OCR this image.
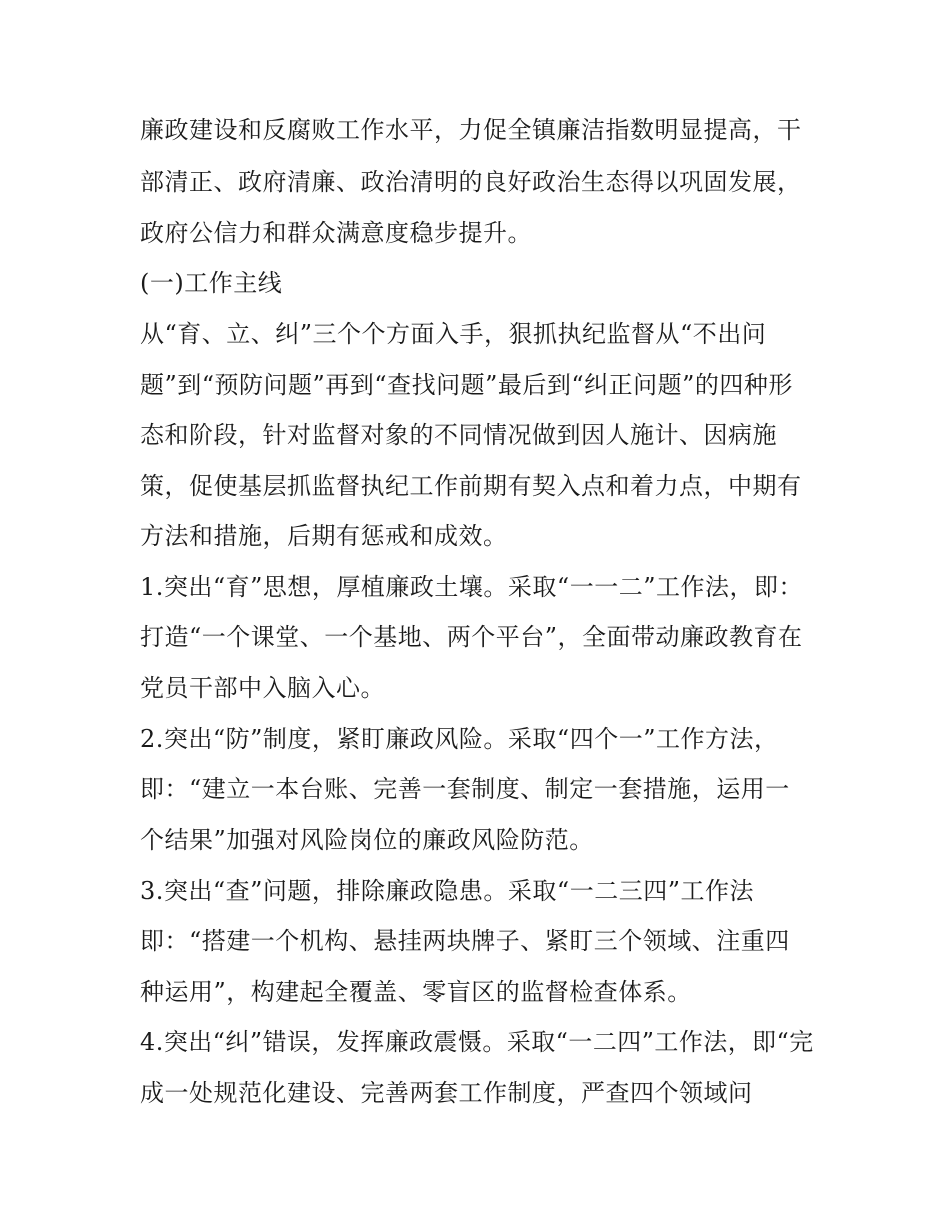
廉政建设和反腐败工作水平，力促全镇廉洁指数明显提高，干
部清正、政府清廉、政治清明的良好政治生态得以巩固发展，
政府公信力和群众满意度稳步提升。
(一)工作主线
从“育、立、纠”三个个方面入手，狠抓执纪监督从“不出问
题”到“预防问题”再到“查找问题”最后到“纠正问题”的四种形
态和阶段，针对监督对象的不同情况做到因人施计、因病施
策，促使基层抓监督执纪工作前期有契入点和着力点，中期有
方法和措施，后期有惩戒和成效。
1.突出“育”思想，厚植廉政土壤。采取“一一二”工作法，即：
打造“一个课堂、一个基地、两个平台”，全面带动廉政教育在
党员干部中入脑入心。
2.突出“防”制度，紧盯廉政风险。采取“四个一”工作方法，
即：“建立一本台账、完善一套制度、制定一套措施，运用一
个结果”加强对风险岗位的廉政风险防范。
3.突出“查”问题，排除廉政隐患。采取“一二三四”工作法
即：“搭建一个机构、悬挂两块牌子、紧盯三个领域、注重四
种运用”，构建起全覆盖、零盲区的监督检查体系。
4.突出“纠”错误，发挥廉政震慑。采取“一二四”工作法，即“完
成一处规范化建设、完善两套工作制度，严查四个领域问
